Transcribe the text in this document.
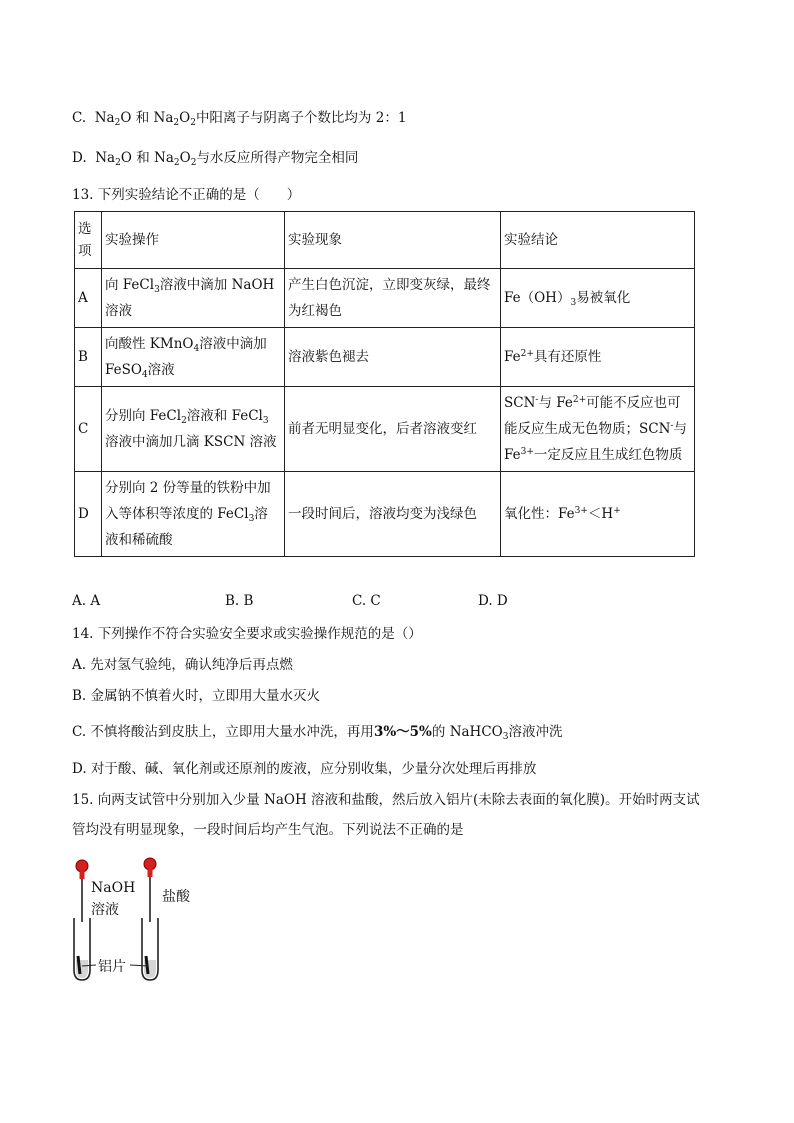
C. $Na_2O$ 和 $Na_2O_2$中阳离子与阴离子个数比均为 2：1
D. $Na_2O$ 和 $Na_2O_2$与水反应所得产物完全相同
13. 下列实验结论不正确的是（　　）
选项	实验操作	实验现象	实验结论
A	向 FeCl$_3$溶液中滴加 NaOH 溶液	产生白色沉淀，立即变灰绿，最终为红褐色	$Fe(OH)_3$易被氧化
B	向酸性 KMnO$_4$溶液中滴加 FeSO$_4$溶液	溶液紫色褪去	$Fe^{2+}$具有还原性
C	分别向 FeCl$_2$溶液和 FeCl$_3$溶液中滴加几滴 KSCN 溶液	前者无明显变化，后者溶液变红	SCN-与 $Fe^{2+}$可能不反应也可能反应生成无色物质；SCN-与 $Fe^{3+}$一定反应且生成红色物质
D	分别向 2 份等量的铁粉中加入等体积等浓度的 FeCl$_3$溶液和稀硫酸	一段时间后，溶液均变为浅绿色	氧化性：$Fe^{3+}<H^+$
A. A	B. B	C. C	D. D
14. 下列操作不符合实验安全要求或实验操作规范的是（）
A. 先对氢气验纯，确认纯净后再点燃
B. 金属钠不慎着火时，立即用大量水灭火
C. 不慎将酸沾到皮肤上，立即用大量水冲洗，再用3%～5%的 NaHCO$_3$溶液冲洗
D. 对于酸、碱、氧化剂或还原剂的废液，应分别收集，少量分次处理后再排放
15. 向两支试管中分别加入少量 NaOH 溶液和盐酸，然后放入铝片(未除去表面的氧化膜)。开始时两支试
管均没有明显现象，一段时间后均产生气泡。下列说法不正确的是
NaOH
溶液
盐酸
铝片
